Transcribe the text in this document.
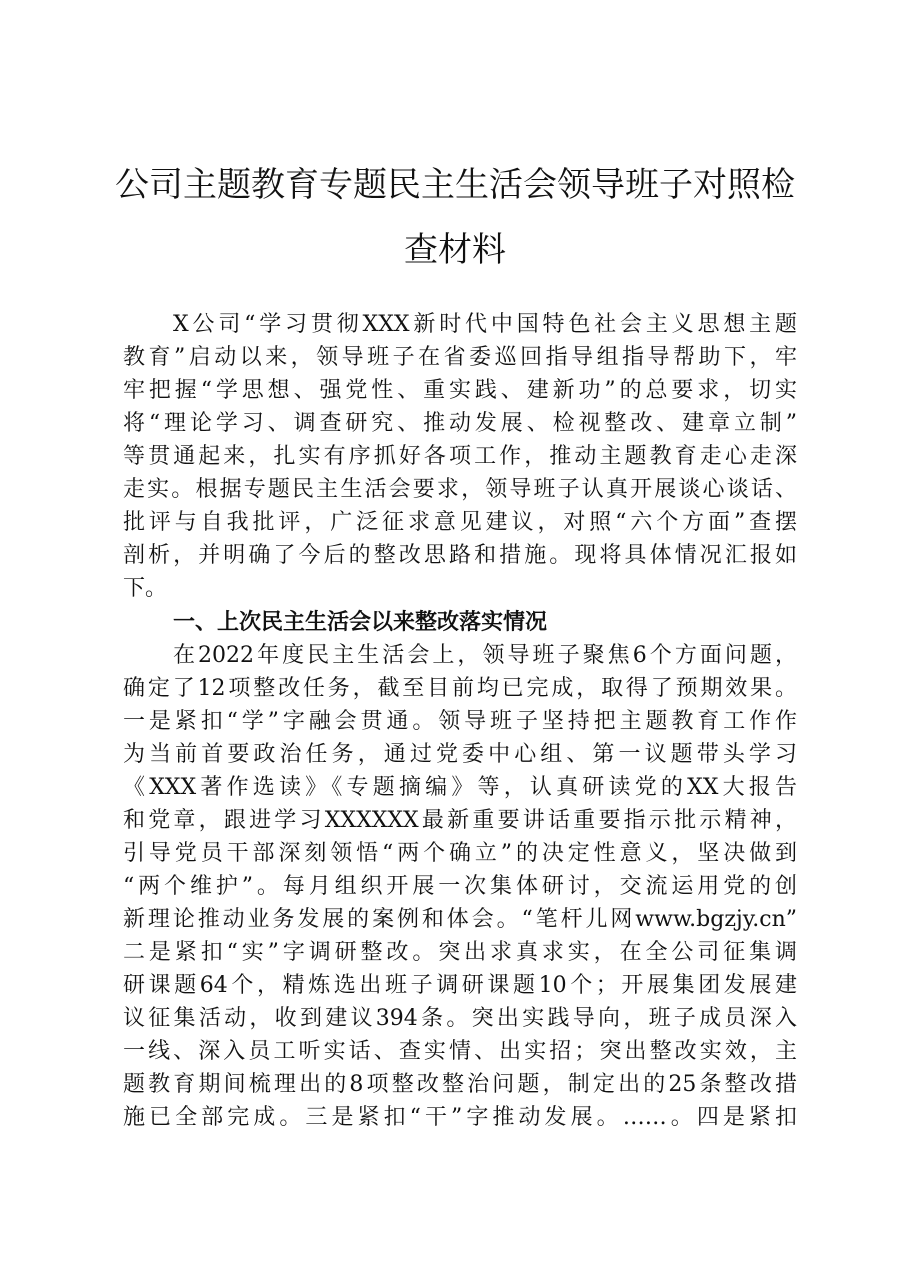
公司主题教育专题民主生活会领导班子对照检
查材料

X公司“学习贯彻XXX新时代中国特色社会主义思想主题

教育”启动以来，领导班子在省委巡回指导组指导帮助下，牢

牢把握“学思想、强党性、重实践、建新功”的总要求，切实

将“理论学习、调查研究、推动发展、检视整改、建章立制”

等贯通起来，扎实有序抓好各项工作，推动主题教育走心走深

走实。根据专题民主生活会要求，领导班子认真开展谈心谈话、

批评与自我批评，广泛征求意见建议，对照“六个方面”查摆

剖析，并明确了今后的整改思路和措施。现将具体情况汇报如

下。

一、上次民主生活会以来整改落实情况

在2022年度民主生活会上，领导班子聚焦6个方面问题，

确定了12项整改任务，截至目前均已完成，取得了预期效果。

一是紧扣“学”字融会贯通。领导班子坚持把主题教育工作作

为当前首要政治任务，通过党委中心组、第一议题带头学习

《XXX著作选读》《专题摘编》等，认真研读党的XX大报告

和党章，跟进学习XXXXXX最新重要讲话重要指示批示精神，

引导党员干部深刻领悟“两个确立”的决定性意义，坚决做到

“两个维护”。每月组织开展一次集体研讨，交流运用党的创

新理论推动业务发展的案例和体会。“笔杆儿网www.bgzjy.cn”

二是紧扣“实”字调研整改。突出求真求实，在全公司征集调

研课题64个，精炼选出班子调研课题10个；开展集团发展建

议征集活动，收到建议394条。突出实践导向，班子成员深入

一线、深入员工听实话、查实情、出实招；突出整改实效，主

题教育期间梳理出的8项整改整治问题，制定出的25条整改措

施已全部完成。三是紧扣“干”字推动发展。……。四是紧扣
